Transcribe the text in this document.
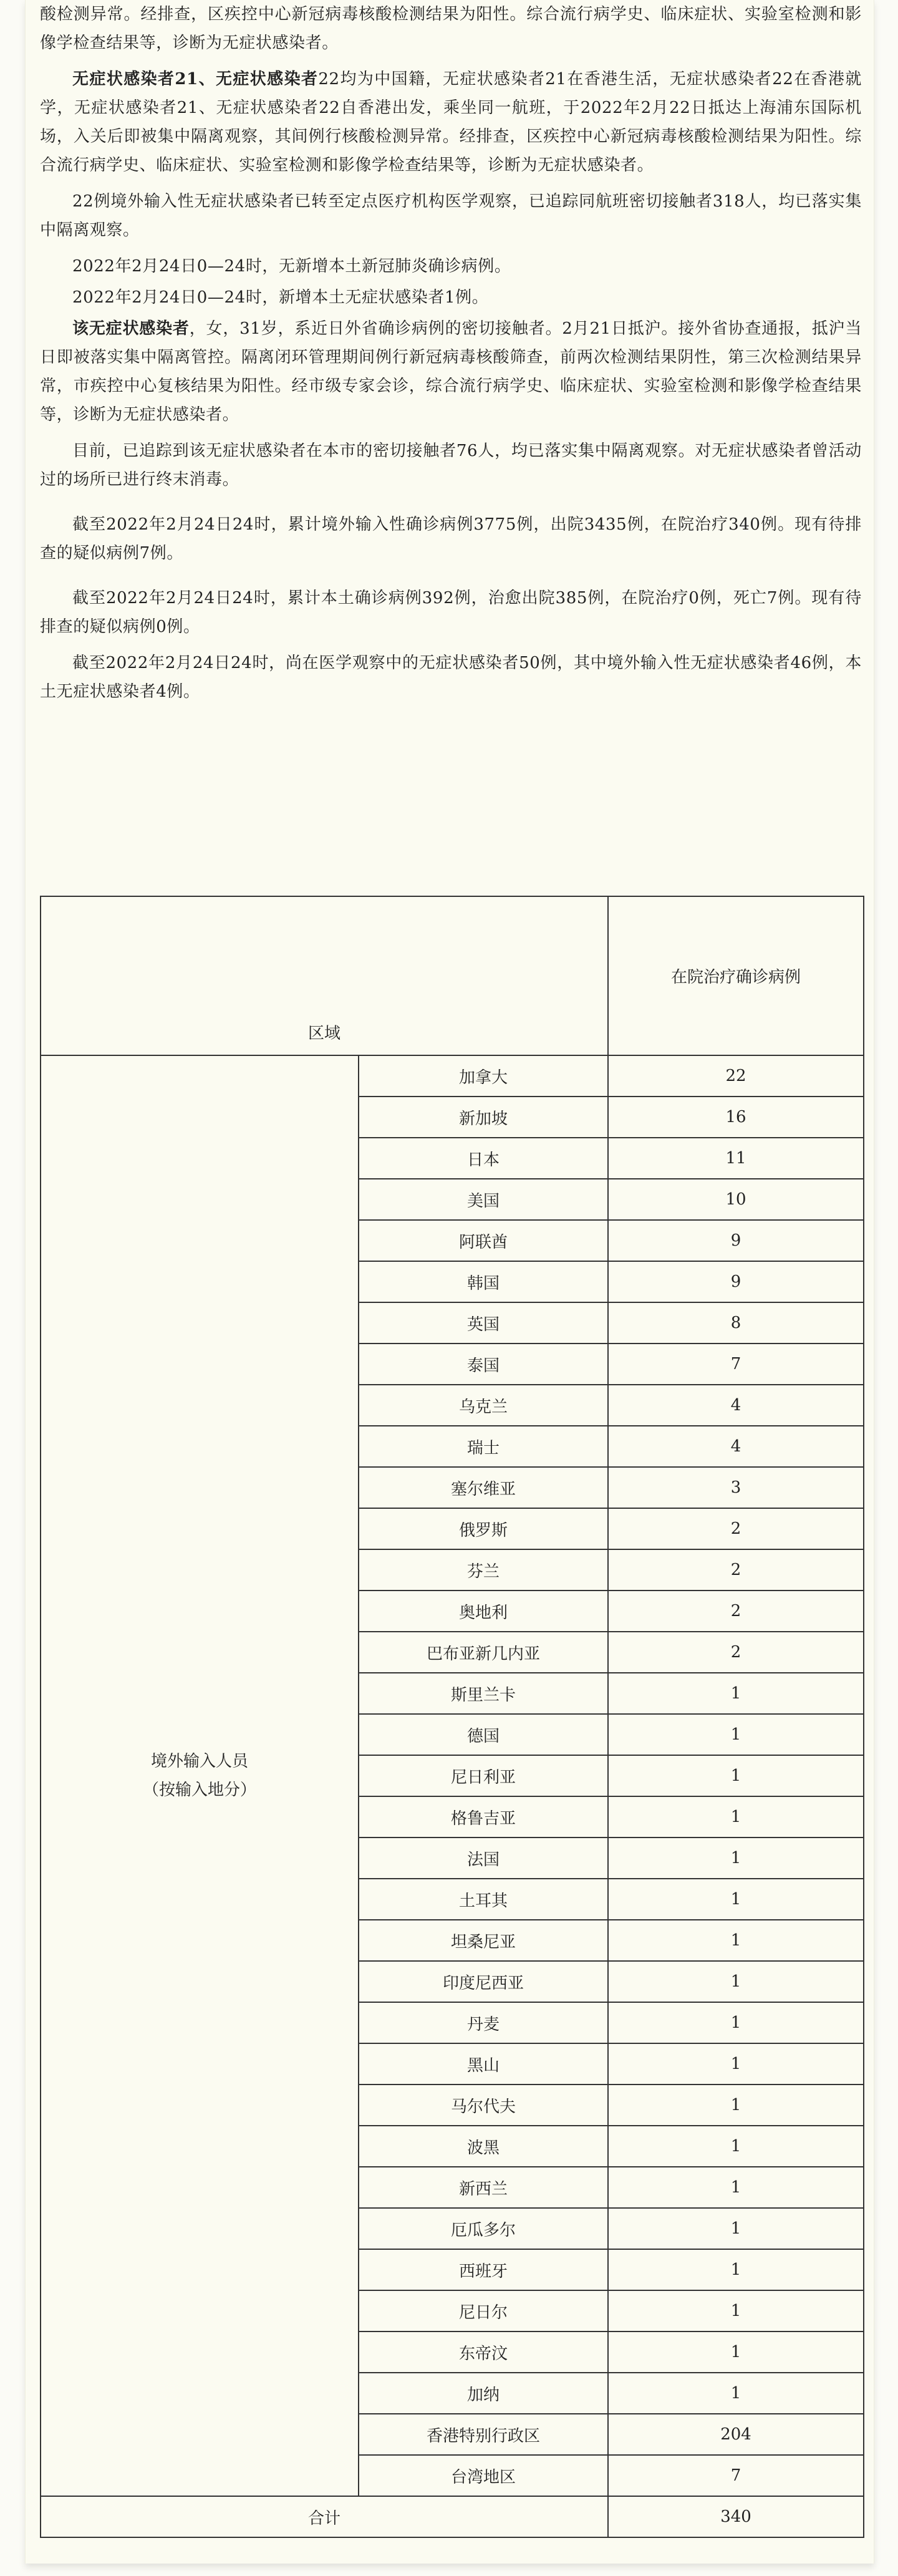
酸检测异常。经排查，区疾控中心新冠病毒核酸检测结果为阳性。综合流行病学史、临床症状、实验室检测和影像学检查结果等，诊断为无症状感染者。

无症状感染者21、无症状感染者22均为中国籍，无症状感染者21在香港生活，无症状感染者22在香港就学，无症状感染者21、无症状感染者22自香港出发，乘坐同一航班，于2022年2月22日抵达上海浦东国际机场，入关后即被集中隔离观察，其间例行核酸检测异常。经排查，区疾控中心新冠病毒核酸检测结果为阳性。综合流行病学史、临床症状、实验室检测和影像学检查结果等，诊断为无症状感染者。

22例境外输入性无症状感染者已转至定点医疗机构医学观察，已追踪同航班密切接触者318人，均已落实集中隔离观察。

2022年2月24日0—24时，无新增本土新冠肺炎确诊病例。

2022年2月24日0—24时，新增本土无症状感染者1例。

该无症状感染者，女，31岁，系近日外省确诊病例的密切接触者。2月21日抵沪。接外省协查通报，抵沪当日即被落实集中隔离管控。隔离闭环管理期间例行新冠病毒核酸筛查，前两次检测结果阴性，第三次检测结果异常，市疾控中心复核结果为阳性。经市级专家会诊，综合流行病学史、临床症状、实验室检测和影像学检查结果等，诊断为无症状感染者。

目前，已追踪到该无症状感染者在本市的密切接触者76人，均已落实集中隔离观察。对无症状感染者曾活动过的场所已进行终末消毒。

截至2022年2月24日24时，累计境外输入性确诊病例3775例，出院3435例，在院治疗340例。现有待排查的疑似病例7例。

截至2022年2月24日24时，累计本土确诊病例392例，治愈出院385例，在院治疗0例，死亡7例。现有待排查的疑似病例0例。

截至2022年2月24日24时，尚在医学观察中的无症状感染者50例，其中境外输入性无症状感染者46例，本土无症状感染者4例。

区域		在院治疗确诊病例

境外输入人员
（按输入地分）	加拿大	22
	新加坡	16
	日本	11
	美国	10
	阿联酋	9
	韩国	9
	英国	8
	泰国	7
	乌克兰	4
	瑞士	4
	塞尔维亚	3
	俄罗斯	2
	芬兰	2
	奥地利	2
	巴布亚新几内亚	2
	斯里兰卡	1
	德国	1
	尼日利亚	1
	格鲁吉亚	1
	法国	1
	土耳其	1
	坦桑尼亚	1
	印度尼西亚	1
	丹麦	1
	黑山	1
	马尔代夫	1
	波黑	1
	新西兰	1
	厄瓜多尔	1
	西班牙	1
	尼日尔	1
	东帝汶	1
	加纳	1
	香港特别行政区	204
	台湾地区	7
合计		340
